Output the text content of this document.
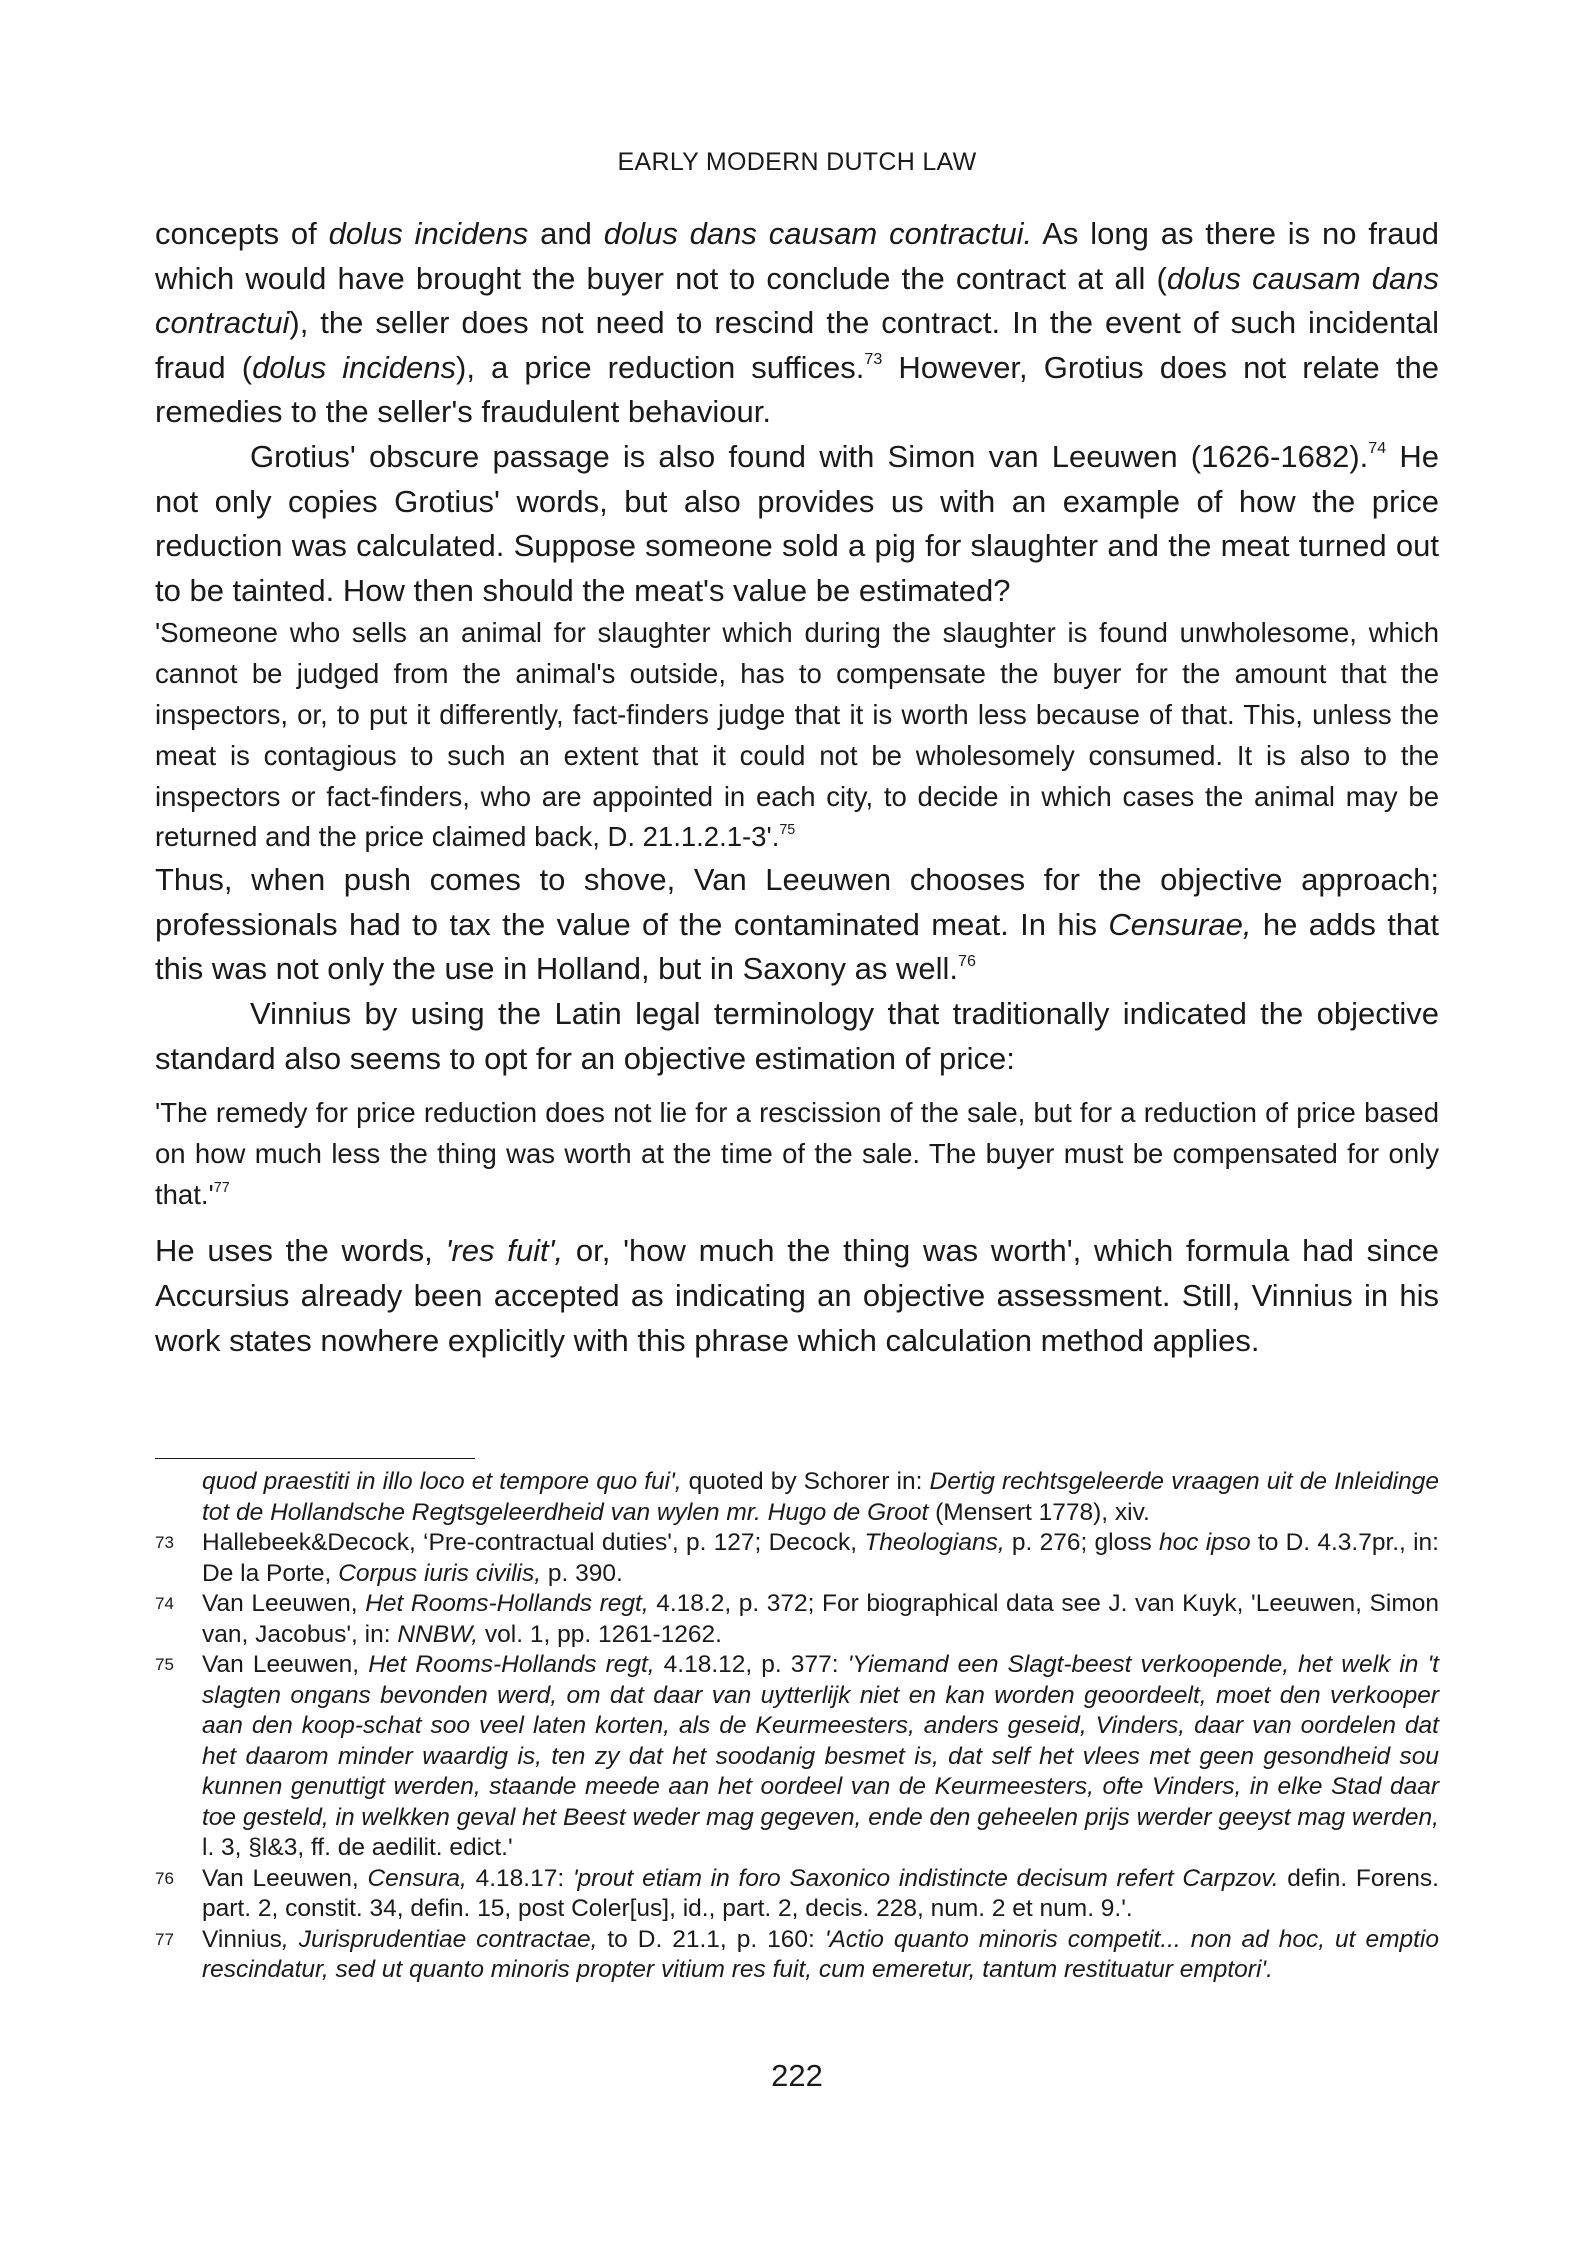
EARLY MODERN DUTCH LAW

concepts of dolus incidens and dolus dans causam contractui. As long as there is no fraud which would have brought the buyer not to conclude the contract at all (dolus causam dans contractui), the seller does not need to rescind the contract. In the event of such incidental fraud (dolus incidens), a price reduction suffices.$^{73}$ However, Grotius does not relate the remedies to the seller's fraudulent behaviour.

Grotius' obscure passage is also found with Simon van Leeuwen (1626-1682).$^{74}$ He not only copies Grotius' words, but also provides us with an example of how the price reduction was calculated. Suppose someone sold a pig for slaughter and the meat turned out to be tainted. How then should the meat's value be estimated?

'Someone who sells an animal for slaughter which during the slaughter is found unwholesome, which cannot be judged from the animal's outside, has to compensate the buyer for the amount that the inspectors, or, to put it differently, fact-finders judge that it is worth less because of that. This, unless the meat is contagious to such an extent that it could not be wholesomely consumed. It is also to the inspectors or fact-finders, who are appointed in each city, to decide in which cases the animal may be returned and the price claimed back, D. 21.1.2.1-3'.$^{75}$

Thus, when push comes to shove, Van Leeuwen chooses for the objective approach; professionals had to tax the value of the contaminated meat. In his Censurae, he adds that this was not only the use in Holland, but in Saxony as well.$^{76}$

Vinnius by using the Latin legal terminology that traditionally indicated the objective standard also seems to opt for an objective estimation of price:

'The remedy for price reduction does not lie for a rescission of the sale, but for a reduction of price based on how much less the thing was worth at the time of the sale. The buyer must be compensated for only $that.'^{77}$

He uses the words, 'res fuit', or, 'how much the thing was worth', which formula had since Accursius already been accepted as indicating an objective assessment. Still, Vinnius in his work states nowhere explicitly with this phrase which calculation method applies.

quod praestiti in illo loco et tempore quo fui', quoted by Schorer in: Dertig rechtsgeleerde vraagen uit de Inleidinge tot de Hollandsche Regtsgeleerdheid van wylen mr. Hugo de Groot (Mensert 1778), xiv.

73 Hallebeek&Decock, ‘Pre-contractual duties', p. 127; Decock, Theologians, p. 276; gloss hoc ipso to D. 4.3.7pr., in: De la Porte, Corpus iuris civilis, p. 390.

74 Van Leeuwen, Het Rooms-Hollands regt, 4.18.2, p. 372; For biographical data see J. van Kuyk, 'Leeuwen, Simon van, Jacobus', in: NNBW, vol. 1, pp. 1261-1262.

75 Van Leeuwen, Het Rooms-Hollands regt, 4.18.12, p. 377: 'Yiemand een Slagt-beest verkoopende, het welk in 't slagten ongans bevonden werd, om dat daar van uytterlijk niet en kan worden geoordeelt, moet den verkooper aan den koop-schat soo veel laten korten, als de Keurmeesters, anders geseid, Vinders, daar van oordelen dat het daarom minder waardig is, ten zy dat het soodanig besmet is, dat self het vlees met geen gesondheid sou kunnen genuttigt werden, staande meede aan het oordeel van de Keurmeesters, ofte Vinders, in elke Stad daar toe gesteld, in welkken geval het Beest weder mag gegeven, ende den geheelen prijs werder geeyst mag werden, l. 3, §l&3, ff. de aedilit. edict.'

76 Van Leeuwen, Censura, 4.18.17: 'prout etiam in foro Saxonico indistincte decisum refert Carpzov. defin. Forens. part. 2, constit. 34, defin. 15, post Coler[us], id., part. 2, decis. 228, num. 2 et num. 9.'.

77 Vinnius, Jurisprudentiae contractae, to D. 21.1, p. 160: 'Actio quanto minoris competit... non ad hoc, ut emptio rescindatur, sed ut quanto minoris propter vitium res fuit, cum emeretur, tantum restituatur emptori'.

222
